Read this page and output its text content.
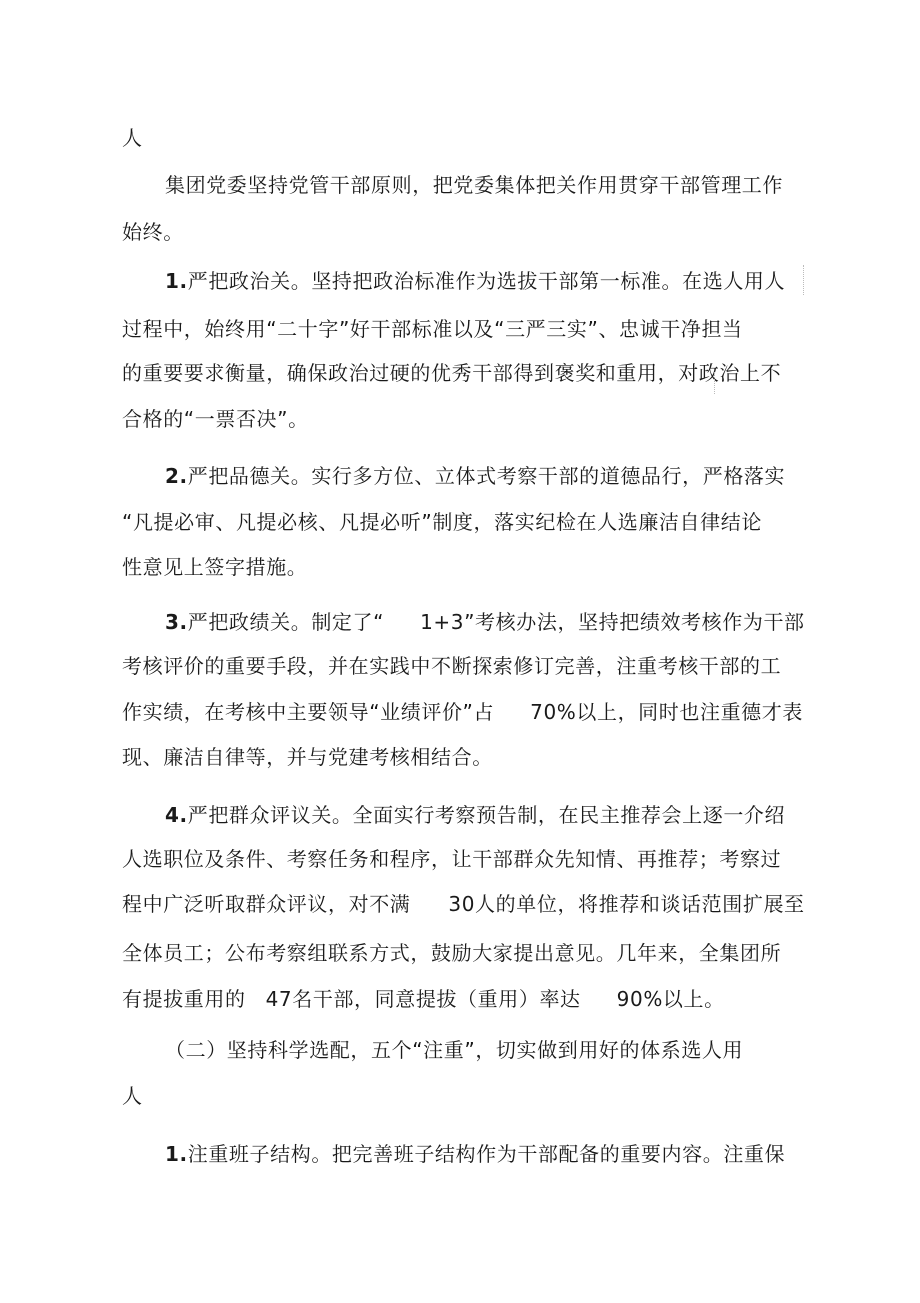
人
集团党委坚持党管干部原则，把党委集体把关作用贯穿干部管理工作
始终。
1.严把政治关。坚持把政治标准作为选拔干部第一标准。在选人用人
过程中，始终用“二十字”好干部标准以及“三严三实”、忠诚干净担当
的重要要求衡量，确保政治过硬的优秀干部得到褒奖和重用，对政治上不
合格的“一票否决”。
2.严把品德关。实行多方位、立体式考察干部的道德品行，严格落实
“凡提必审、凡提必核、凡提必听”制度，落实纪检在人选廉洁自律结论
性意见上签字措施。
3.严把政绩关。制定了“ 1+3”考核办法，坚持把绩效考核作为干部
考核评价的重要手段，并在实践中不断探索修订完善，注重考核干部的工
作实绩，在考核中主要领导“业绩评价”占 70%以上，同时也注重德才表
现、廉洁自律等，并与党建考核相结合。
4.严把群众评议关。全面实行考察预告制，在民主推荐会上逐一介绍
人选职位及条件、考察任务和程序，让干部群众先知情、再推荐；考察过
程中广泛听取群众评议，对不满 30人的单位，将推荐和谈话范围扩展至
全体员工；公布考察组联系方式，鼓励大家提出意见。几年来，全集团所
有提拔重用的 47名干部，同意提拔（重用）率达 90%以上。
（二）坚持科学选配，五个“注重”，切实做到用好的体系选人用
人
1.注重班子结构。把完善班子结构作为干部配备的重要内容。注重保
